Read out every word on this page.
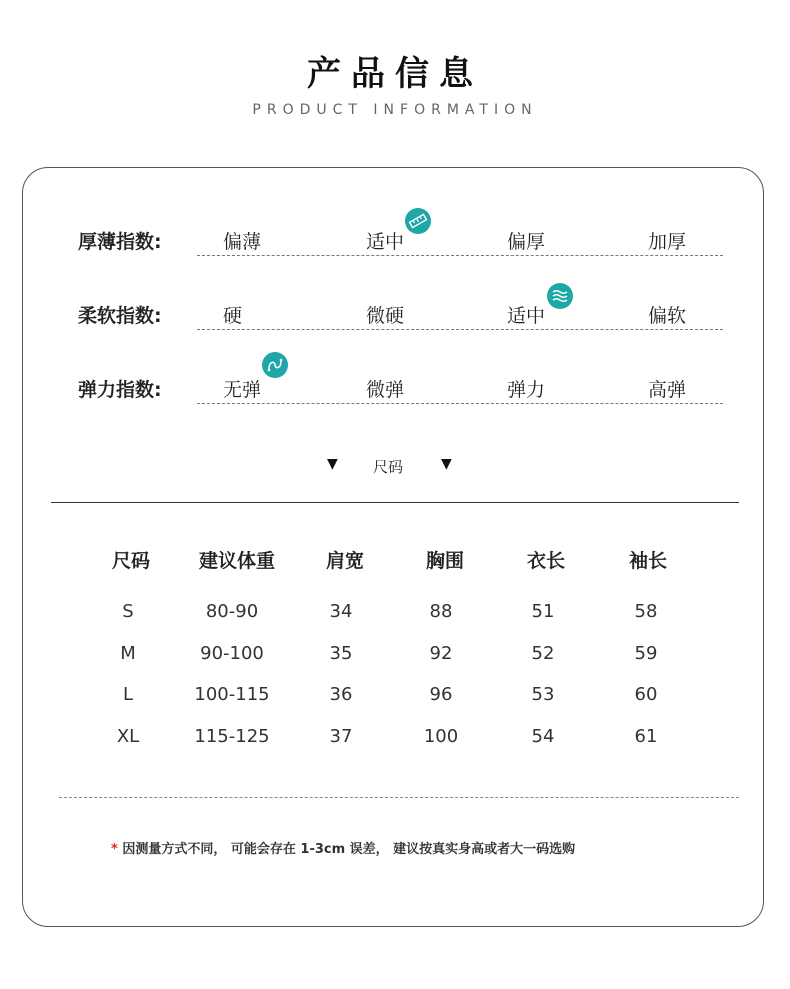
产品信息
PRODUCT INFORMATION
厚薄指数:	偏薄	适中	偏厚	加厚
柔软指数:	硬	微硬	适中	偏软
弹力指数:	无弹	微弹	弹力	高弹
▼ 尺码	▼
尺码	建议体重	肩宽	胸围	衣长	袖长
S	80-90	34	88	51	58
M	90-100	35	92	52	59
L	100-115	36	96	53	60
XL	115-125	37	100	54	61
* 因测量方式不同， 可能会存在 1-3cm 误差， 建议按真实身高或者大一码选购
